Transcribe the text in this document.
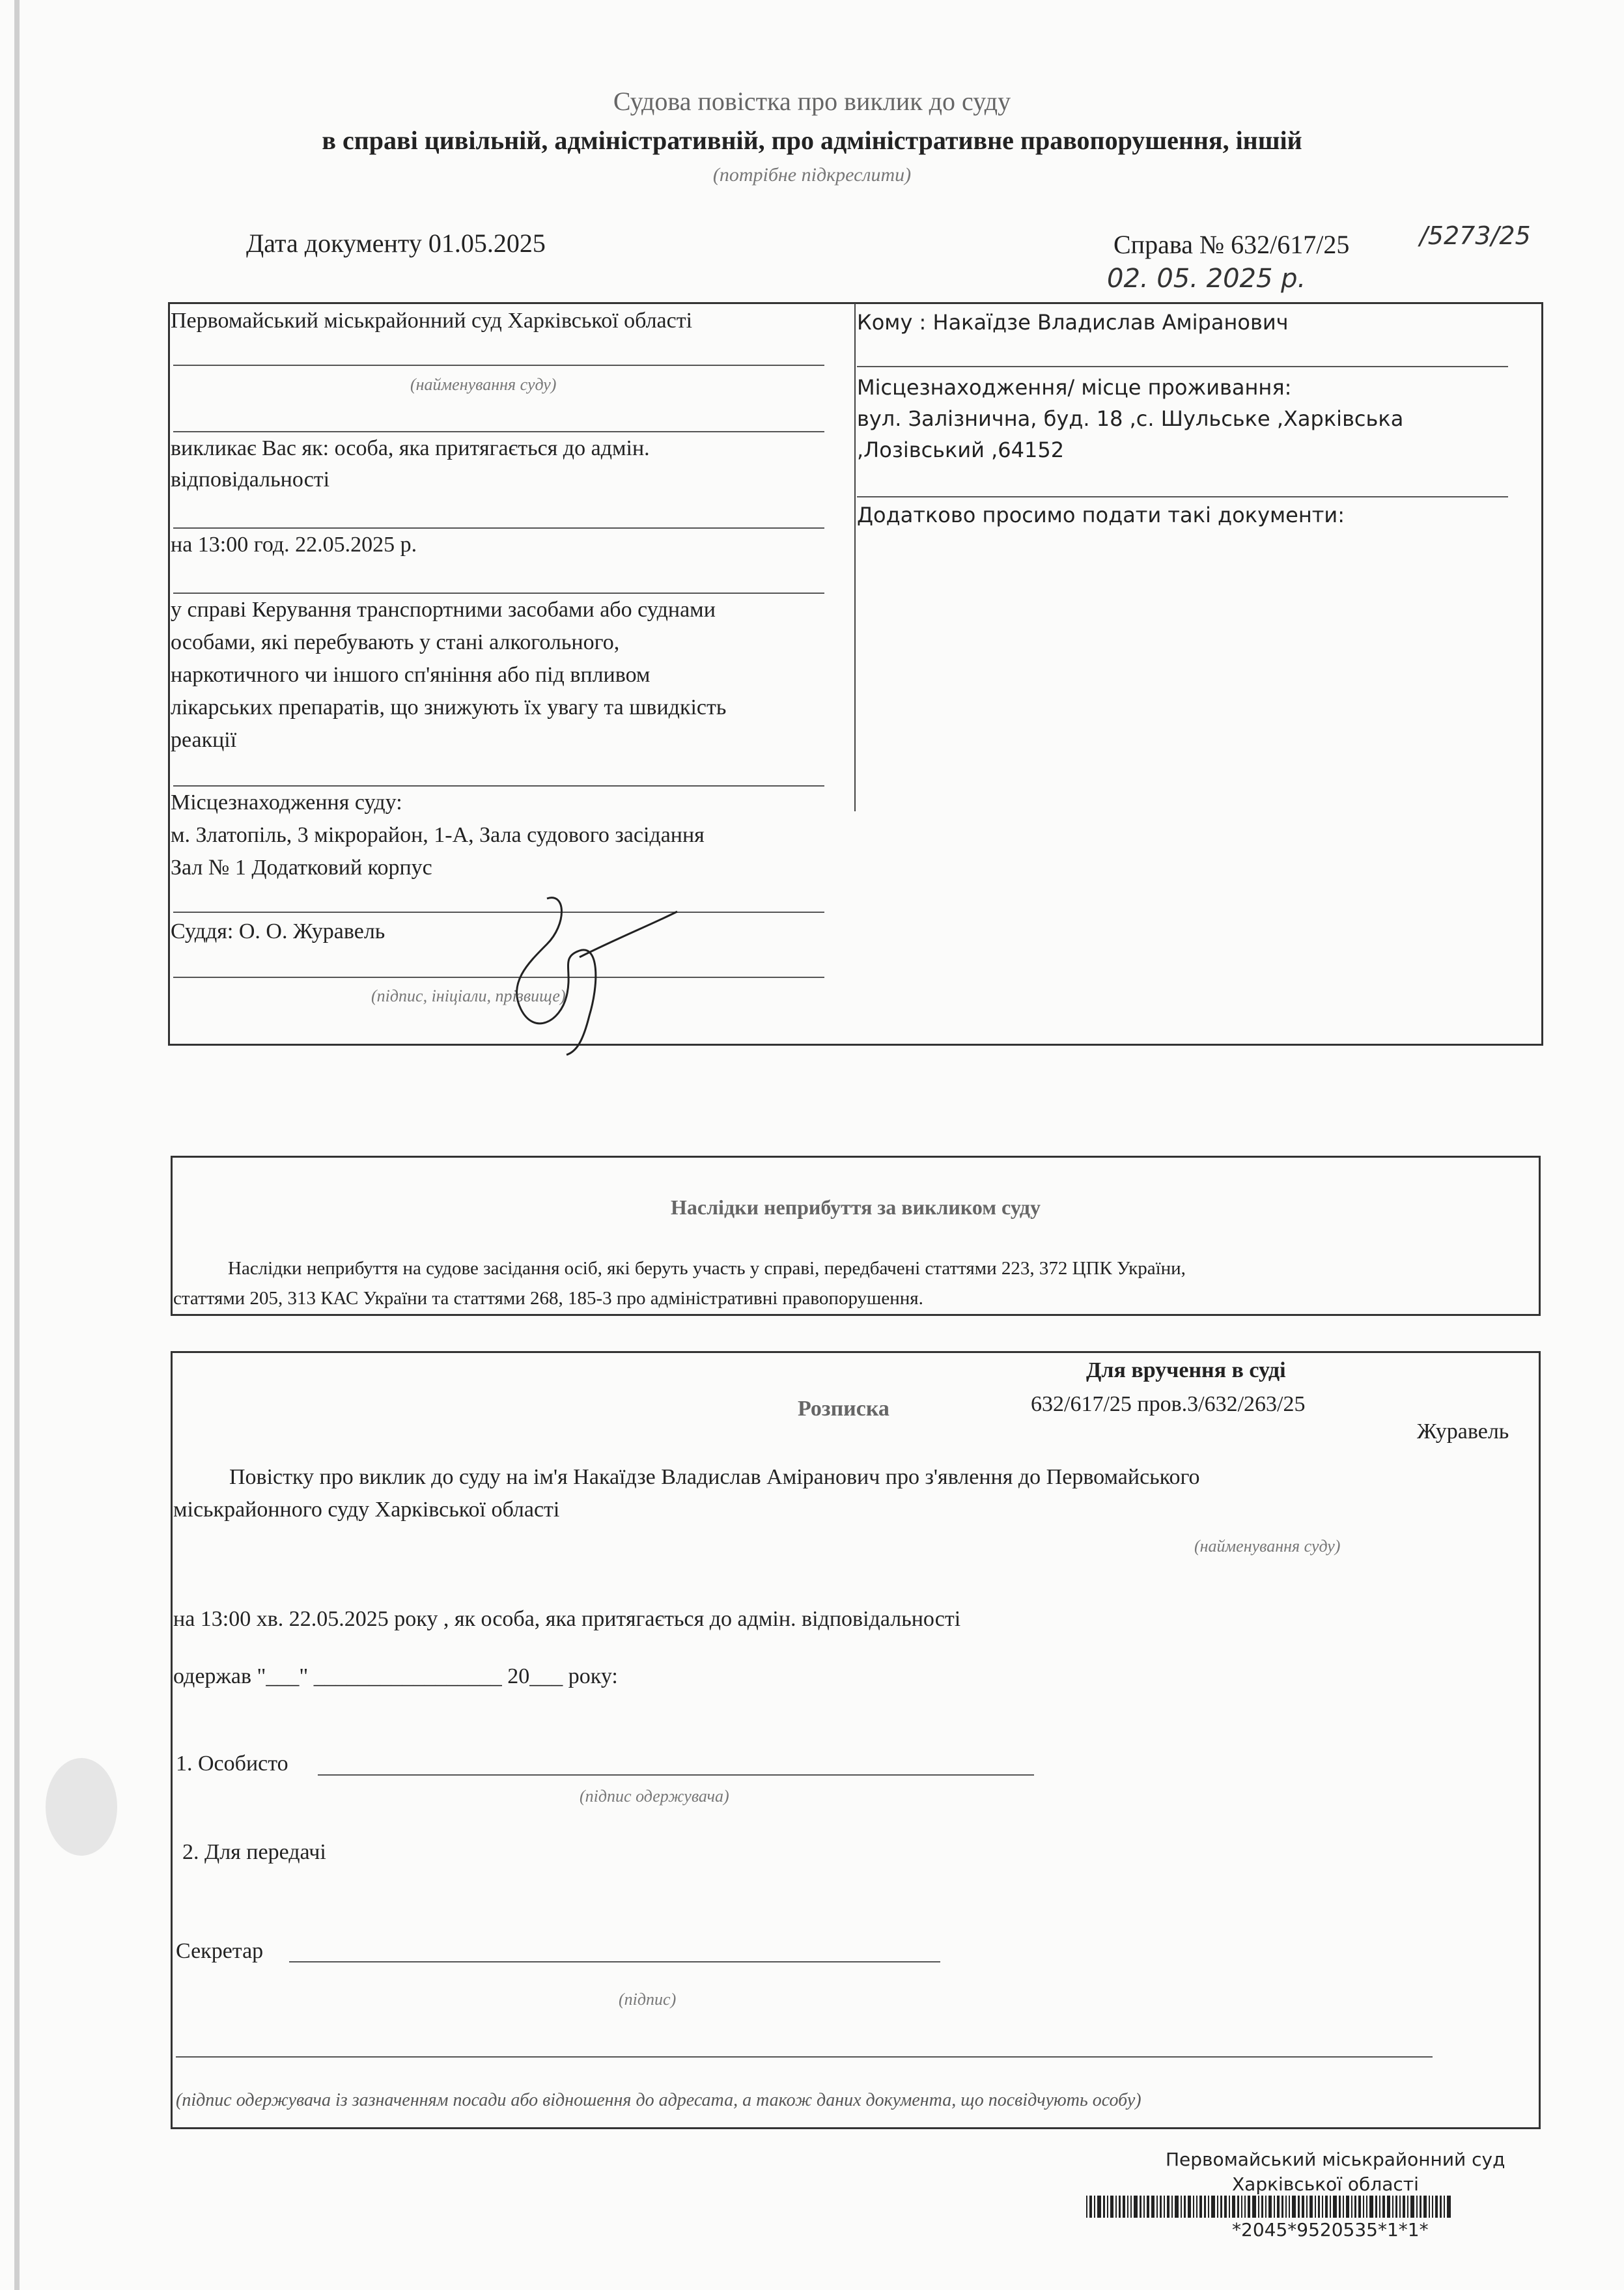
Судова повістка про виклик до суду
в справі цивільній, адміністративній, про адміністративне правопорушення, іншій
(потрібне підкреслити)
Дата документу 01.05.2025	Справа № 632/617/25	/5273/25
02. 05. 2025 р.
Первомайський міськрайонний суд Харківської області
(найменування суду)
викликає Вас як: особа, яка притягається до адмін.
відповідальності
на 13:00 год. 22.05.2025 р.
у справі Керування транспортними засобами або суднами
особами, які перебувають у стані алкогольного,
наркотичного чи іншого сп'яніння або під впливом
лікарських препаратів, що знижують їх увагу та швидкість
реакції
Місцезнаходження суду:
м. Златопіль, 3 мікрорайон, 1-А, Зала судового засідання
Зал № 1 Додатковий корпус
Суддя: О. О. Журавель
(підпис, ініціали, прізвище)
Кому : Накаїдзе Владислав Аміранович
Місцезнаходження/ місце проживання:
вул. Залізнична, буд. 18 ,с. Шульське ,Харківська
,Лозівський ,64152
Додатково просимо подати такі документи:
Наслідки неприбуття за викликом суду
Наслідки неприбуття на судове засідання осіб, які беруть участь у справі, передбачені статтями 223, 372 ЦПК України,
статтями 205, 313 КАС України та статтями 268, 185-3 про адміністративні правопорушення.
Для вручення в суді
Розписка	632/617/25 пров.3/632/263/25
Журавель
Повістку про виклик до суду на ім'я Накаїдзе Владислав Аміранович про з'явлення до Первомайського
міськрайонного суду Харківської області
(найменування суду)
на 13:00 хв. 22.05.2025 року , як особа, яка притягається до адмін. відповідальності
одержав "___" _________________ 20___ року:
1. Особисто
(підпис одержувача)
2. Для передачі
Секретар
(підпис)
(підпис одержувача із зазначенням посади або відношення до адресата, а також даних документа, що посвідчують особу)
Первомайський міськрайонний суд
Харківської області
*2045*9520535*1*1*
